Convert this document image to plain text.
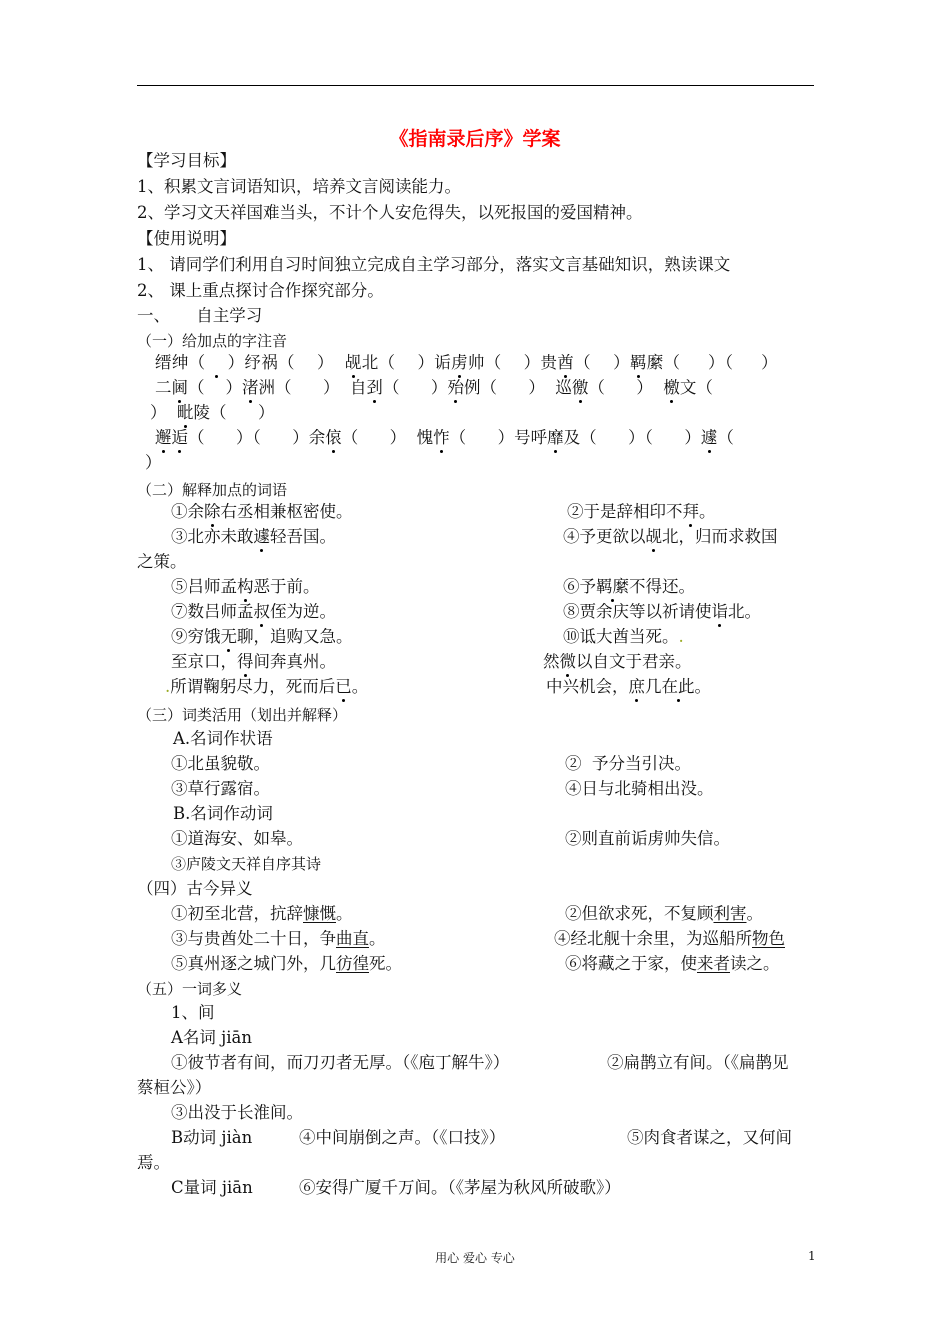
《指南录后序》学案
【学习目标】
1、积累文言词语知识，培养文言阅读能力。
2、学习文天祥国难当头，不计个人安危得失，以死报国的爱国精神。
【使用说明】
1、 请同学们利用自习时间独立完成自主学习部分，落实文言基础知识，熟读课文
2、 课上重点探讨合作探究部分。
一、     自主学习
（一）给加点的字注音
缙绅（    ）纾祸（    ）  觇北（    ）诟虏帅（    ）贵酋（    ）羁縻（     ）（     ）
二阃（    ）渚洲（      ）  自刭（      ）殆例（      ）  巡徼（      ）  檄文（
）  毗陵（      ）
邂逅（      ）（      ）余偯（      ）  愧怍（      ）号呼靡及（      ）（      ）遽（
）
（二）解释加点的词语
①余除右丞相兼枢密使。	②于是辞相印不拜。
③北亦未敢遽轻吾国。	④予更欲以觇北，归而求救国
之策。
⑤吕师孟构恶于前。	⑥予羁縻不得还。
⑦数吕师孟叔侄为逆。	⑧贾余庆等以祈请使诣北。
⑨穷饿无聊，追购又急。	⑩诋大酋当死。.
至京口，得间奔真州。	然微以自文于君亲。
.所谓鞠躬尽力，死而后已。	中兴机会，庶几在此。
（三）词类活用（划出并解释）
A.名词作状语
①北虽貌敬。	②  予分当引决。
③草行露宿。	④日与北骑相出没。
B.名词作动词
①道海安、如皋。	②则直前诟虏帅失信。
③庐陵文天祥自序其诗
（四）古今异义
①初至北营，抗辞慷慨。	②但欲求死，不复顾利害。
③与贵酋处二十日，争曲直。	④经北舰十余里，为巡船所物色
⑤真州逐之城门外，几彷徨死。	⑥将藏之于家，使来者读之。
（五）一词多义
1、间
A名词 jiān
①彼节者有间，而刀刃者无厚。（《庖丁解牛》）	②扁鹊立有间。（《扁鹊见
蔡桓公》）
③出没于长淮间。
B动词 jiàn	④中间崩倒之声。（《口技》）	⑤肉食者谋之，又何间
焉。
C量词 jiān	⑥安得广厦千万间。（《茅屋为秋风所破歌》）
用心 爱心 专心	1
